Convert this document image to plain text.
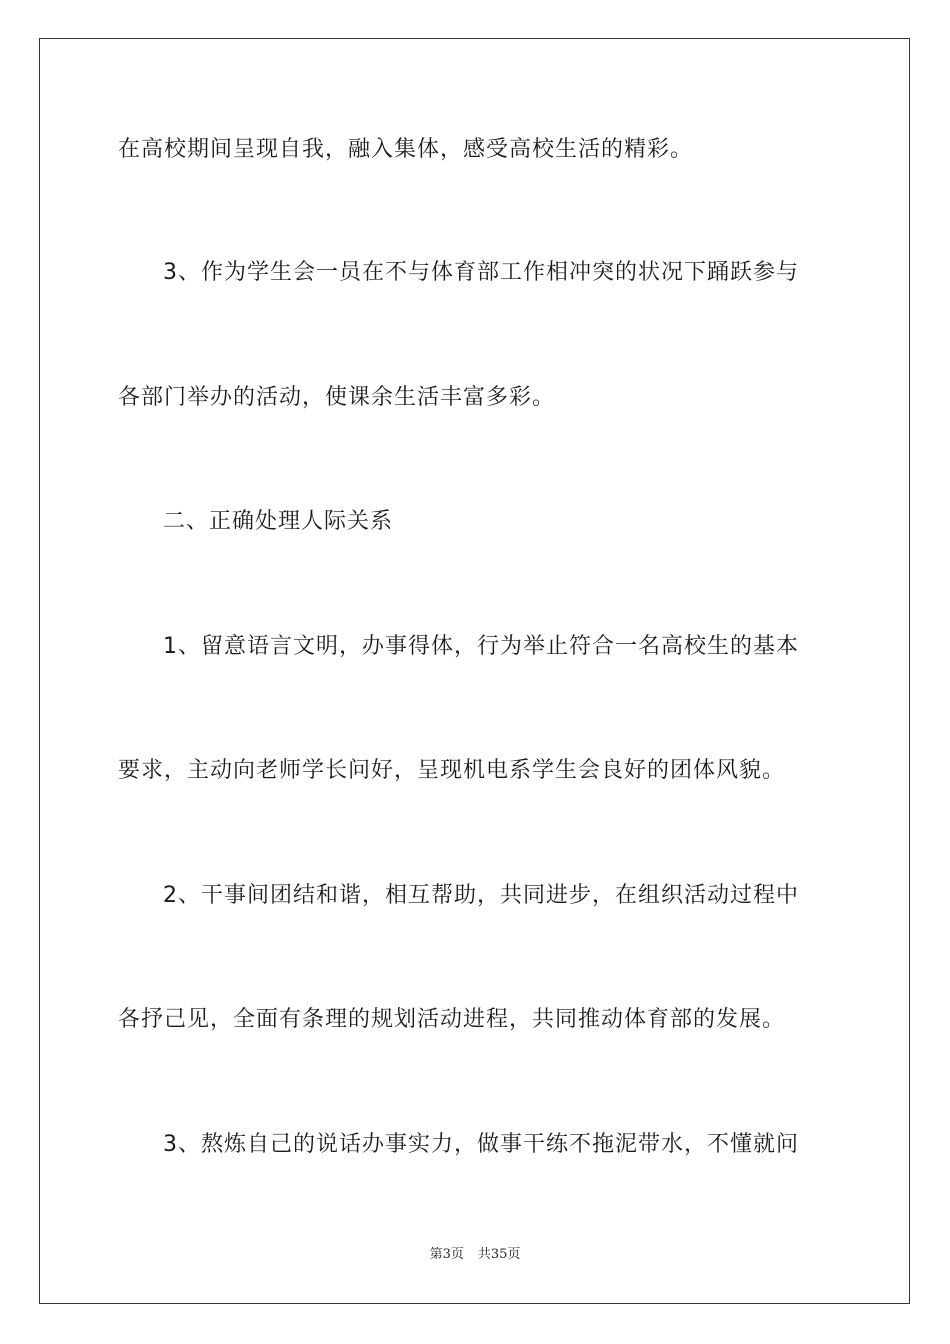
在高校期间呈现自我，融入集体，感受高校生活的精彩。
3、作为学生会一员在不与体育部工作相冲突的状况下踊跃参与
各部门举办的活动，使课余生活丰富多彩。
二、正确处理人际关系
1、留意语言文明，办事得体，行为举止符合一名高校生的基本
要求，主动向老师学长问好，呈现机电系学生会良好的团体风貌。
2、干事间团结和谐，相互帮助，共同进步，在组织活动过程中
各抒己见，全面有条理的规划活动进程，共同推动体育部的发展。
3、熬炼自己的说话办事实力，做事干练不拖泥带水，不懂就问
第3页 共35页
